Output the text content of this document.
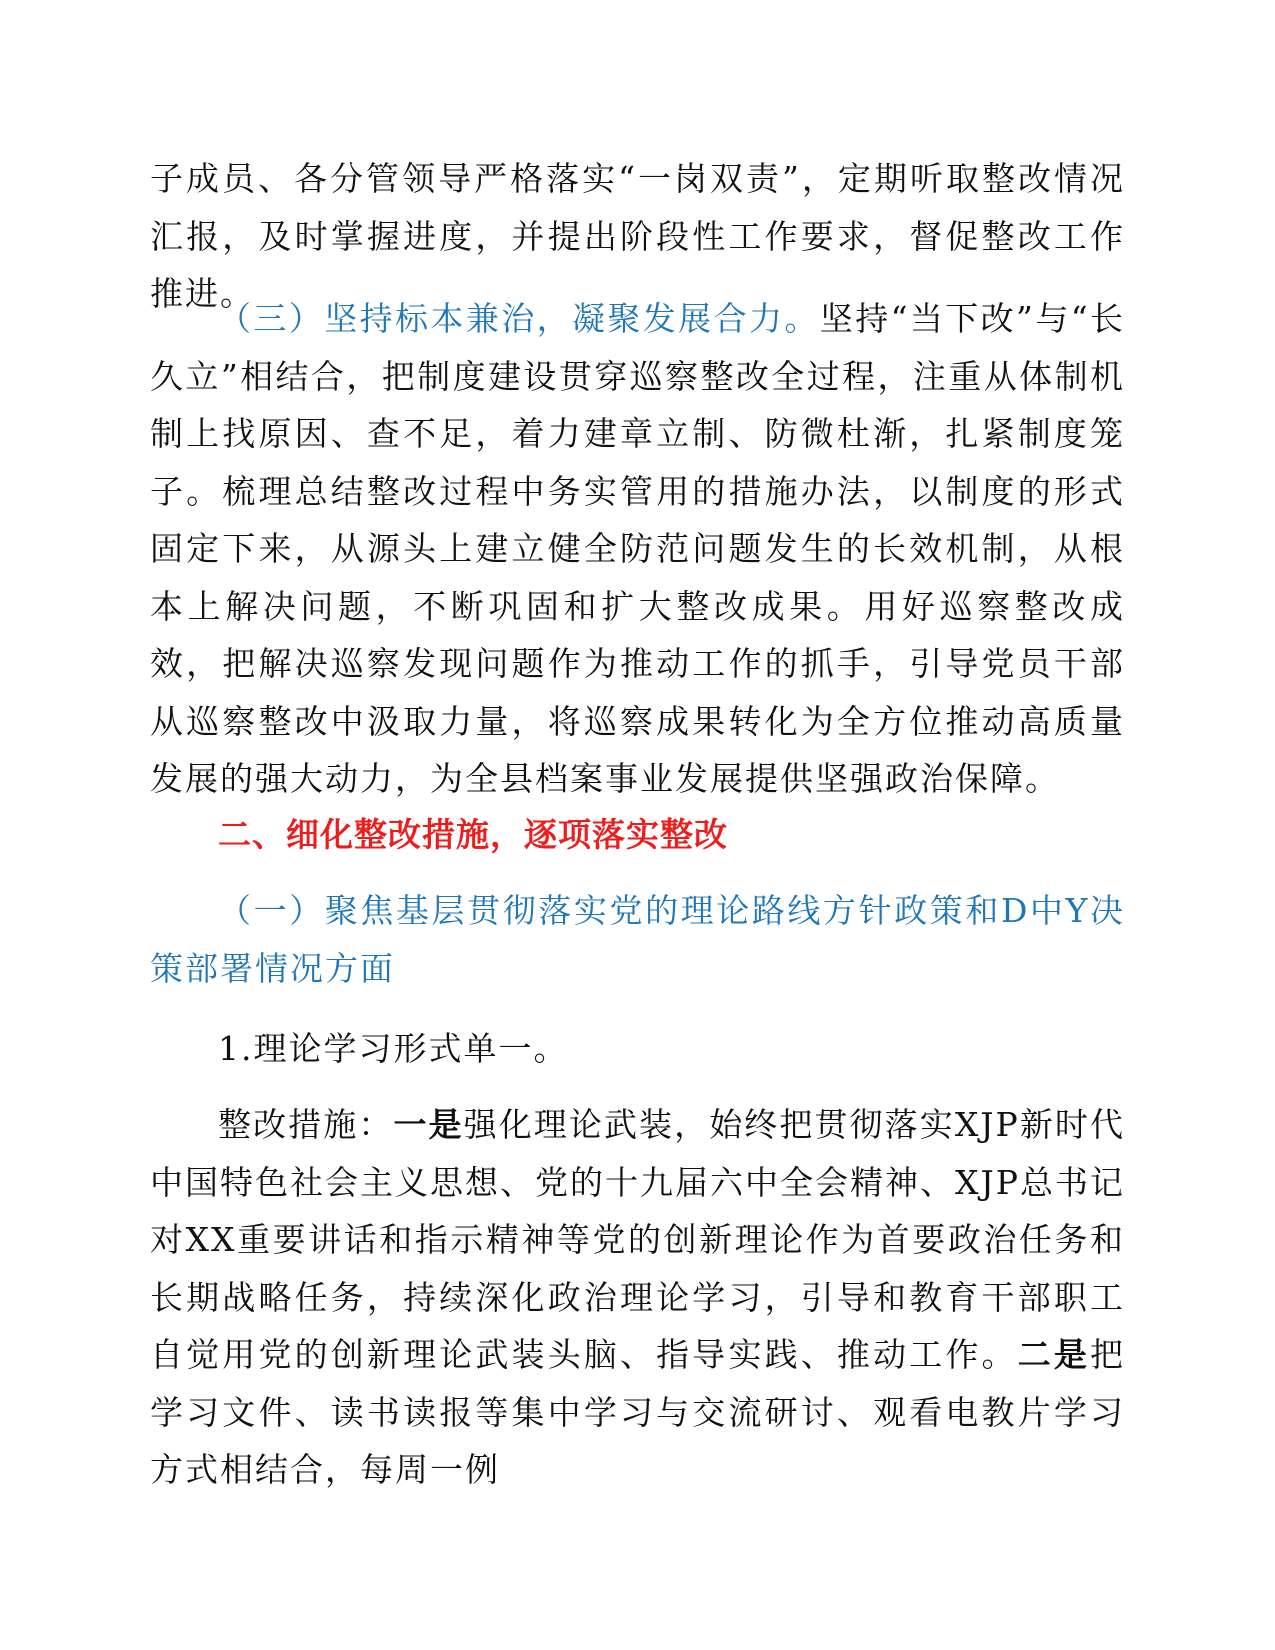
子成员、各分管领导严格落实“一岗双责”，定期听取整改情况汇报，及时掌握进度，并提出阶段性工作要求，督促整改工作推进。

（三）坚持标本兼治，凝聚发展合力。坚持“当下改”与“长久立”相结合，把制度建设贯穿巡察整改全过程，注重从体制机制上找原因、查不足，着力建章立制、防微杜渐，扎紧制度笼子。梳理总结整改过程中务实管用的措施办法，以制度的形式固定下来，从源头上建立健全防范问题发生的长效机制，从根本上解决问题，不断巩固和扩大整改成果。用好巡察整改成效，把解决巡察发现问题作为推动工作的抓手，引导党员干部从巡察整改中汲取力量，将巡察成果转化为全方位推动高质量发展的强大动力，为全县档案事业发展提供坚强政治保障。

二、细化整改措施，逐项落实整改

（一）聚焦基层贯彻落实党的理论路线方针政策和D中Y决策部署情况方面

1.理论学习形式单一。

整改措施：一是强化理论武装，始终把贯彻落实XJP新时代中国特色社会主义思想、党的十九届六中全会精神、XJP总书记对XX重要讲话和指示精神等党的创新理论作为首要政治任务和长期战略任务，持续深化政治理论学习，引导和教育干部职工自觉用党的创新理论武装头脑、指导实践、推动工作。二是把学习文件、读书读报等集中学习与交流研讨、观看电教片学习方式相结合，每周一例
